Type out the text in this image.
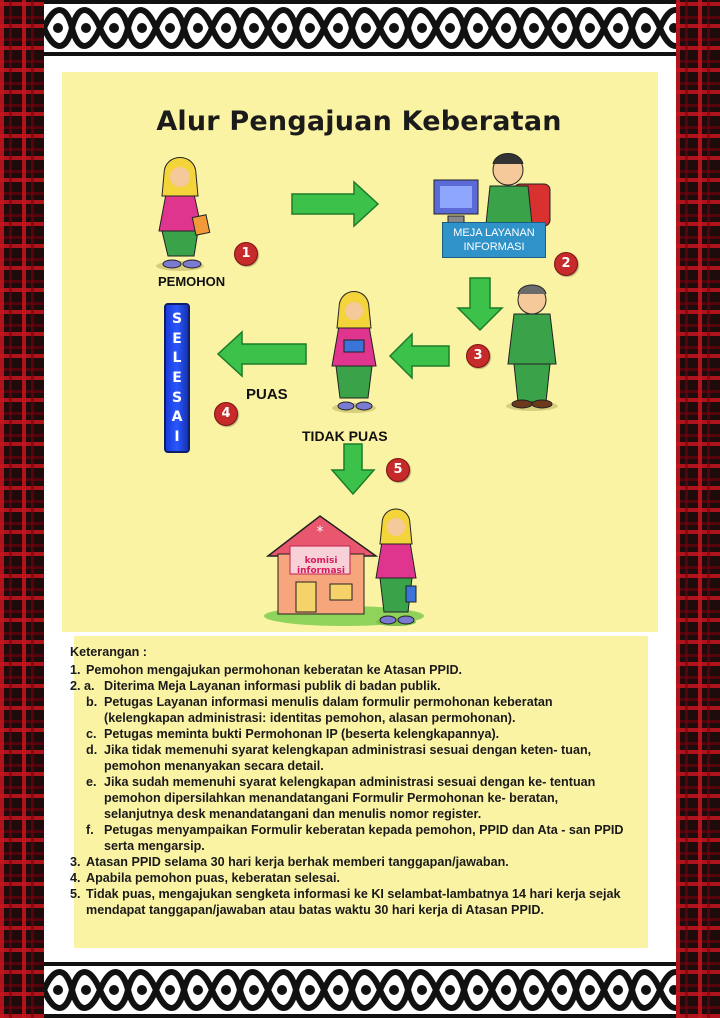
Alur Pengajuan Keberatan
*
MEJA LAYANAN
INFORMASI
PEMOHON
PUAS
TIDAK PUAS
S
E
L
E
S
A
I
komisi
informasi
1
2
3
4
5
Keterangan :
1. Pemohon mengajukan permohonan keberatan ke Atasan PPID.
2. a. Diterima Meja Layanan informasi publik di badan publik.
b. Petugas Layanan informasi menulis dalam formulir permohonan keberatan (kelengkapan administrasi: identitas pemohon, alasan permohonan).
c. Petugas meminta bukti Permohonan IP (beserta kelengkapannya).
d. Jika tidak memenuhi syarat kelengkapan administrasi sesuai dengan keten- tuan, pemohon menanyakan secara detail.
e. Jika sudah memenuhi syarat kelengkapan administrasi sesuai dengan ke- tentuan pemohon dipersilahkan menandatangani Formulir Permohonan ke- beratan, selanjutnya desk menandatangani dan menulis nomor register.
f. Petugas menyampaikan Formulir keberatan kepada pemohon, PPID dan Ata - san PPID serta mengarsip.
3. Atasan PPID selama 30 hari kerja berhak memberi tanggapan/jawaban.
4. Apabila pemohon puas, keberatan selesai.
5. Tidak puas, mengajukan sengketa informasi ke KI selambat-lambatnya 14 hari kerja sejak mendapat tanggapan/jawaban atau batas waktu 30 hari kerja di Atasan PPID.
